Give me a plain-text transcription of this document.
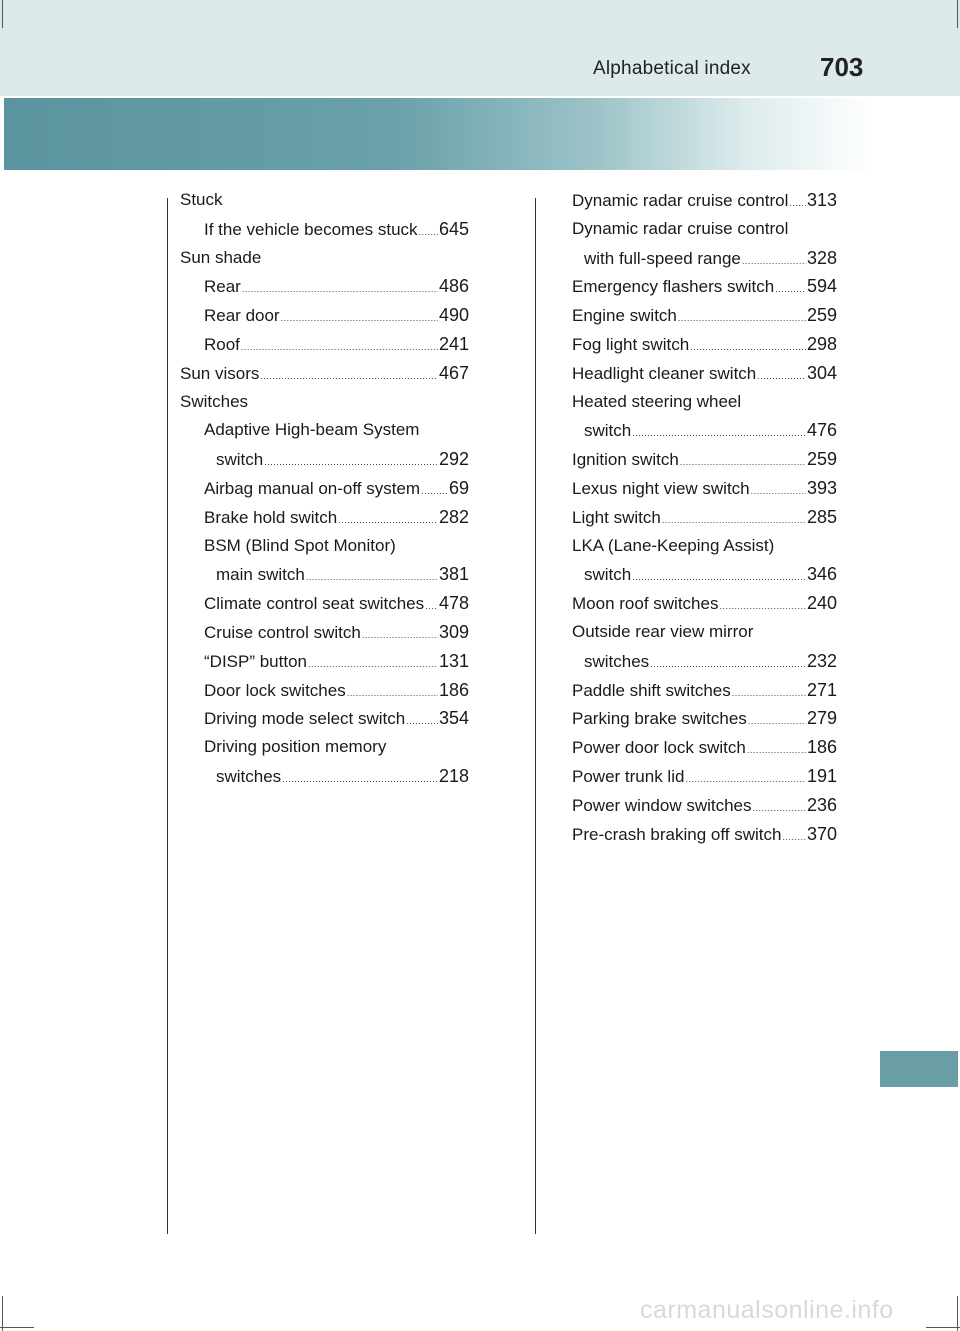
Alphabetical index	703
Stuck
If the vehicle becomes stuck ..... 645
Sun shade
Rear .....	486
Rear door .....	490
Roof .....	241
Sun visors .....	467
Switches
Adaptive High-beam System
switch .....	292
Airbag manual on-off system ..... 69
Brake hold switch .....	282
BSM (Blind Spot Monitor)
main switch .....	381
Climate control seat switches ..... 478
Cruise control switch .....	309
“DISP” button .....	131
Door lock switches .....	186
Driving mode select switch ..... 354
Driving position memory
switches .....	218
Dynamic radar cruise control ..... 313
Dynamic radar cruise control
with full-speed range .....	328
Emergency flashers switch ..... 594
Engine switch .....	259
Fog light switch .....	298
Headlight cleaner switch .....	304
Heated steering wheel
switch .....	476
Ignition switch .....	259
Lexus night view switch .....	393
Light switch .....	285
LKA (Lane-Keeping Assist)
switch .....	346
Moon roof switches .....	240
Outside rear view mirror
switches .....	232
Paddle shift switches .....	271
Parking brake switches .....	279
Power door lock switch .....	186
Power trunk lid .....	191
Power window switches .....	236
Pre-crash braking off switch ..... 370
carmanualsonline.info
